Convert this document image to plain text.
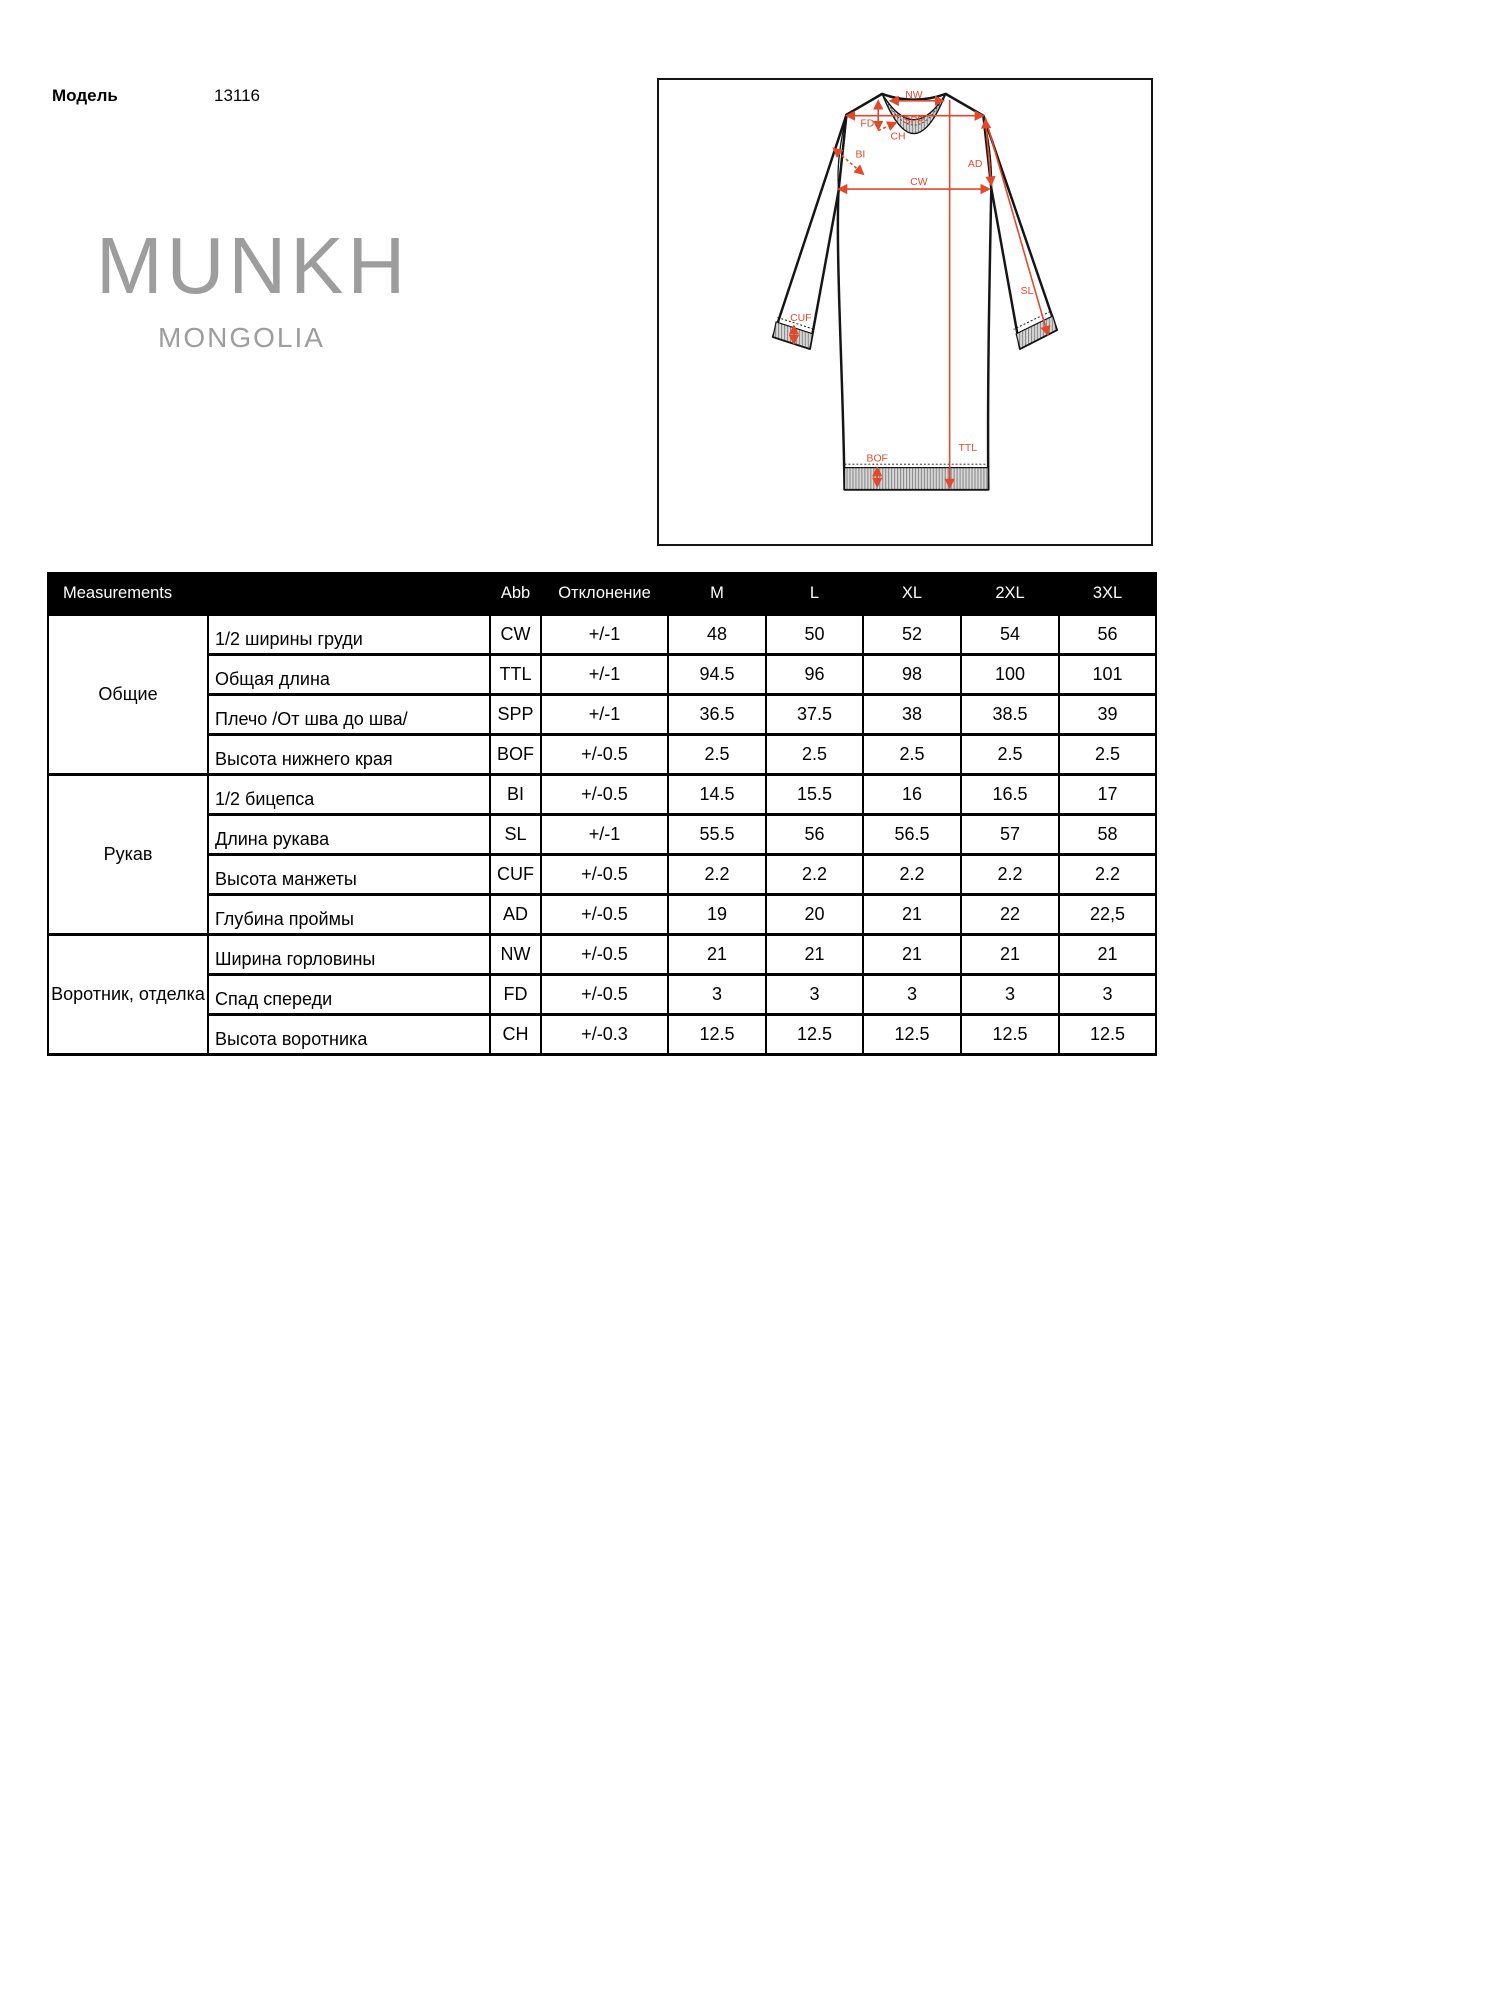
Модель	13116
MUNKH
MONGOLIA
NW
SPP
FD
CH
BI
CW
AD
SL
TTL
CUF
BOF
Measurements		Abb	Отклонение	M	L	XL	2XL	3XL
Общие	1/2 ширины груди	CW	+/-1	48	50	52	54	56
	Общая длина	TTL	+/-1	94.5	96	98	100	101
	Плечо /От шва до шва/	SPP	+/-1	36.5	37.5	38	38.5	39
	Высота нижнего края	BOF	+/-0.5	2.5	2.5	2.5	2.5	2.5
Рукав	1/2 бицепса	BI	+/-0.5	14.5	15.5	16	16.5	17
	Длина рукава	SL	+/-1	55.5	56	56.5	57	58
	Высота манжеты	CUF	+/-0.5	2.2	2.2	2.2	2.2	2.2
	Глубина проймы	AD	+/-0.5	19	20	21	22	22,5
Воротник, отделка	Ширина горловины	NW	+/-0.5	21	21	21	21	21
	Спад спереди	FD	+/-0.5	3	3	3	3	3
	Высота воротника	CH	+/-0.3	12.5	12.5	12.5	12.5	12.5
